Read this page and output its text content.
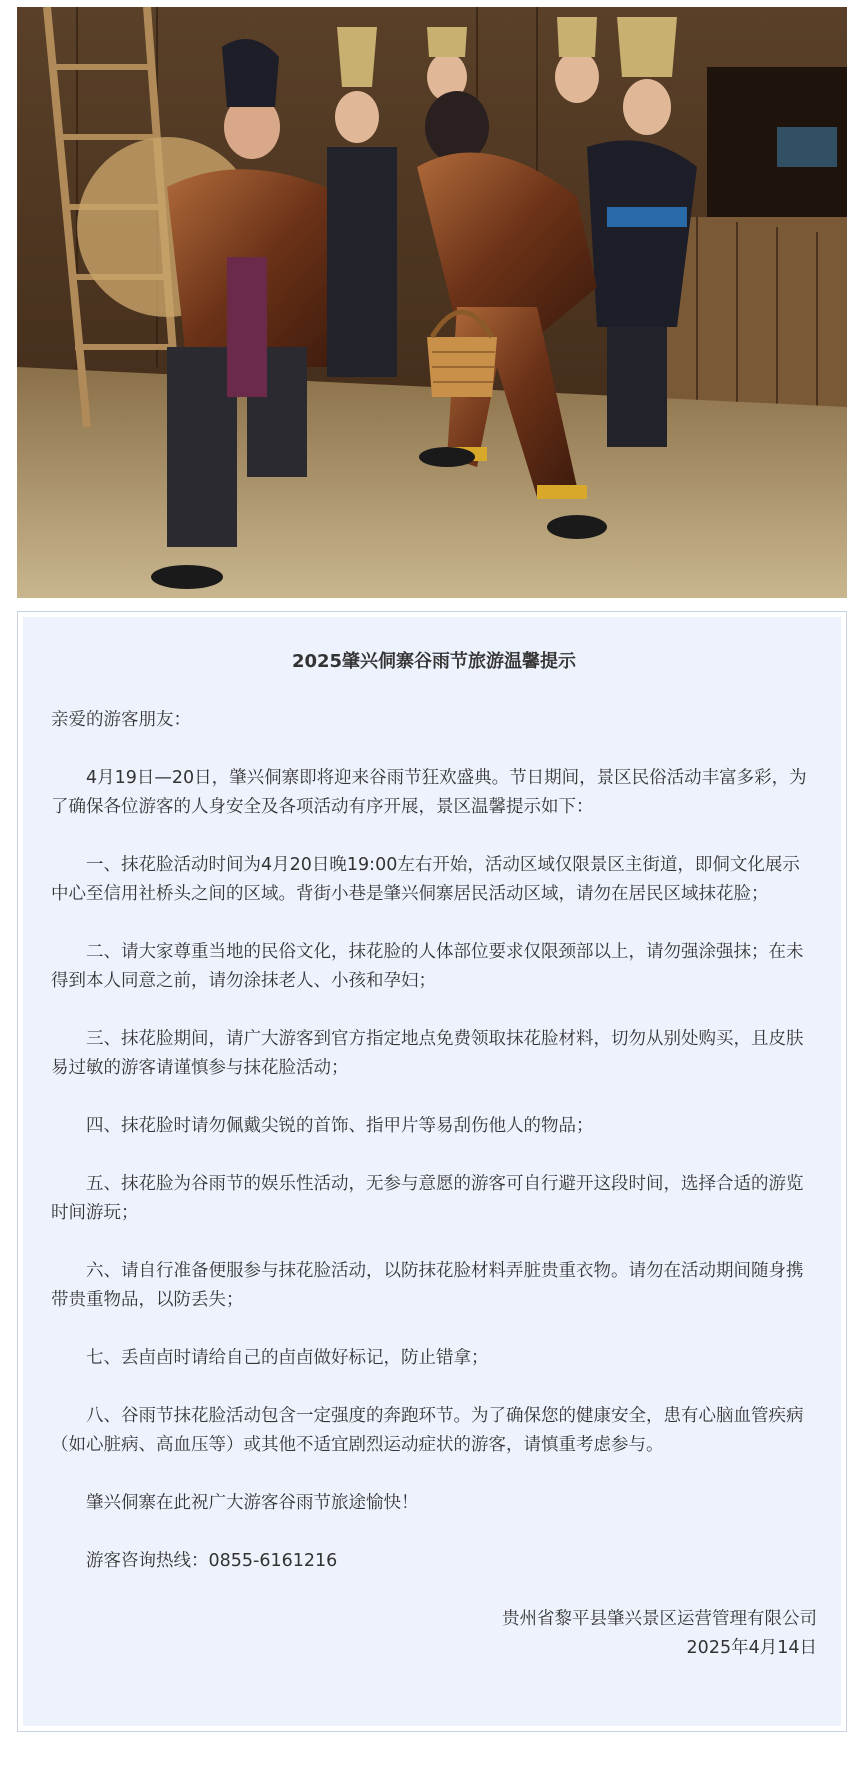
2025肇兴侗寨谷雨节旅游温馨提示
亲爱的游客朋友：
4月19日—20日，肇兴侗寨即将迎来谷雨节狂欢盛典。节日期间，景区民俗活动丰富多彩，为了确保各位游客的人身安全及各项活动有序开展，景区温馨提示如下：
一、抹花脸活动时间为4月20日晚19:00左右开始，活动区域仅限景区主街道，即侗文化展示中心至信用社桥头之间的区域。背街小巷是肇兴侗寨居民活动区域，请勿在居民区域抹花脸；
二、请大家尊重当地的民俗文化，抹花脸的人体部位要求仅限颈部以上，请勿强涂强抹；在未得到本人同意之前，请勿涂抹老人、小孩和孕妇；
三、抹花脸期间，请广大游客到官方指定地点免费领取抹花脸材料，切勿从别处购买，且皮肤易过敏的游客请谨慎参与抹花脸活动；
四、抹花脸时请勿佩戴尖锐的首饰、指甲片等易刮伤他人的物品；
五、抹花脸为谷雨节的娱乐性活动，无参与意愿的游客可自行避开这段时间，选择合适的游览时间游玩；
六、请自行准备便服参与抹花脸活动，以防抹花脸材料弄脏贵重衣物。请勿在活动期间随身携带贵重物品，以防丢失；
七、丢卣卣时请给自己的卣卣做好标记，防止错拿；
八、谷雨节抹花脸活动包含一定强度的奔跑环节。为了确保您的健康安全，患有心脑血管疾病（如心脏病、高血压等）或其他不适宜剧烈运动症状的游客，请慎重考虑参与。
肇兴侗寨在此祝广大游客谷雨节旅途愉快！
游客咨询热线：0855-6161216
贵州省黎平县肇兴景区运营管理有限公司
2025年4月14日
